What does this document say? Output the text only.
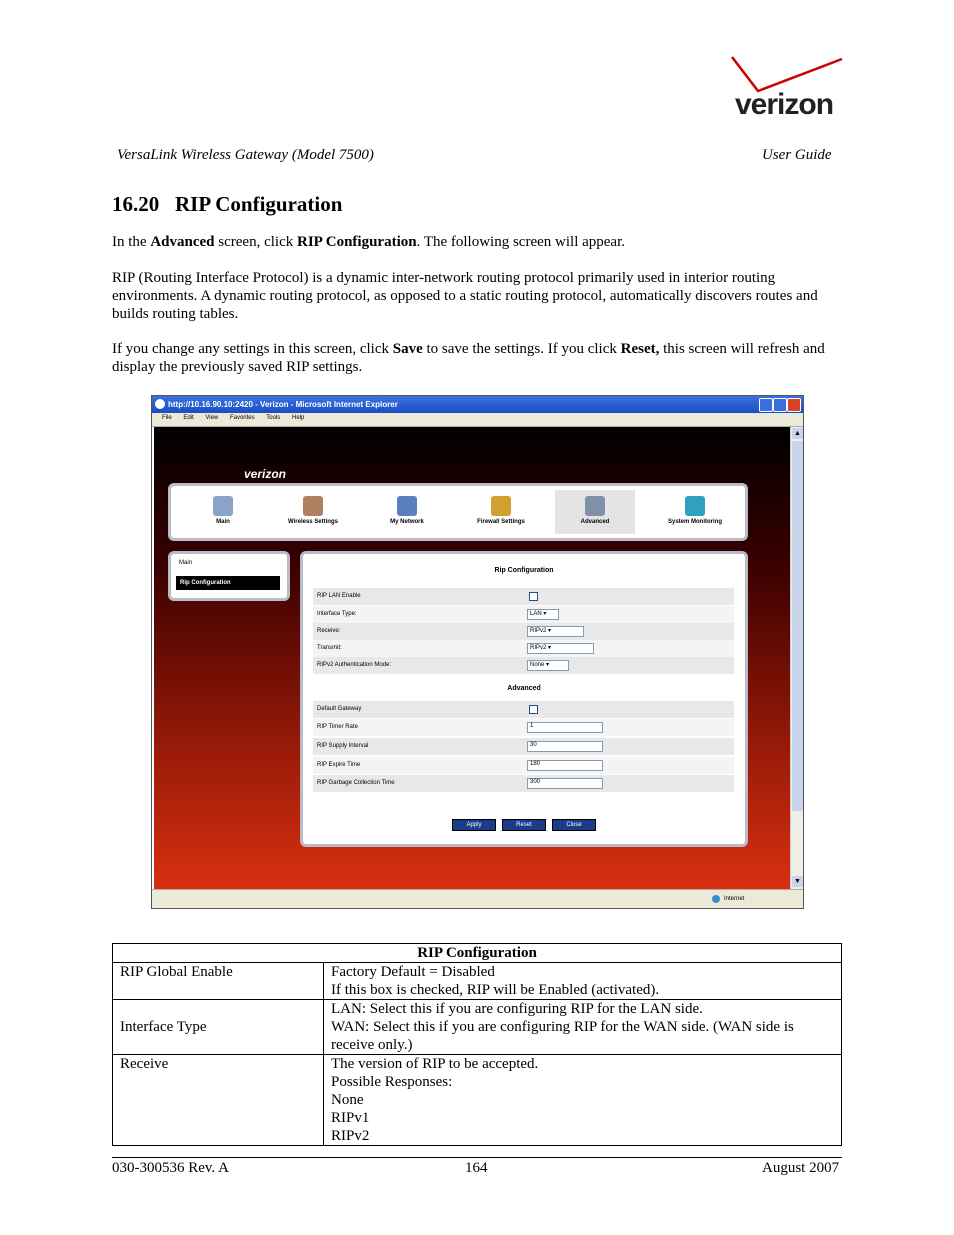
verizon
VersaLink Wireless Gateway (Model 7500)	User Guide
16.20 RIP Configuration
In the Advanced screen, click RIP Configuration. The following screen will appear.
RIP (Routing Interface Protocol) is a dynamic inter-network routing protocol primarily used in interior routing environments. A dynamic routing protocol, as opposed to a static routing protocol, automatically discovers routes and builds routing tables.
If you change any settings in this screen, click Save to save the settings. If you click Reset, this screen will refresh and display the previously saved RIP settings.
http://10.16.90.10:2420 - Verizon - Microsoft Internet Explorer
File Edit View Favorites Tools Help
verizon
Main	Wireless Settings	My Network	Firewall Settings	Advanced	System Monitoring
Main
Rip Configuration
Rip Configuration
RIP LAN Enable
Interface Type:	LAN ▾
Receive:	RIPv2 ▾
Transmit:	RIPv2 ▾
RIPv2 Authentication Mode:	None ▾
Advanced
Default Gateway
RIP Timer Rate	1
RIP Supply Interval	30
RIP Expire Time	180
RIP Garbage Collection Time	300
Apply	Reset	Close
▲
▼
Internet
RIP Configuration	
RIP Global Enable	Factory Default = Disabled
If this box is checked, RIP will be Enabled (activated).

Interface Type	LAN: Select this if you are configuring RIP for the LAN side.
WAN: Select this if you are configuring RIP for the WAN side. (WAN side is receive only.)

Receive	The version of RIP to be accepted.
Possible Responses:
None
RIPv1
RIPv2
030-300536 Rev. A	164	August 2007
